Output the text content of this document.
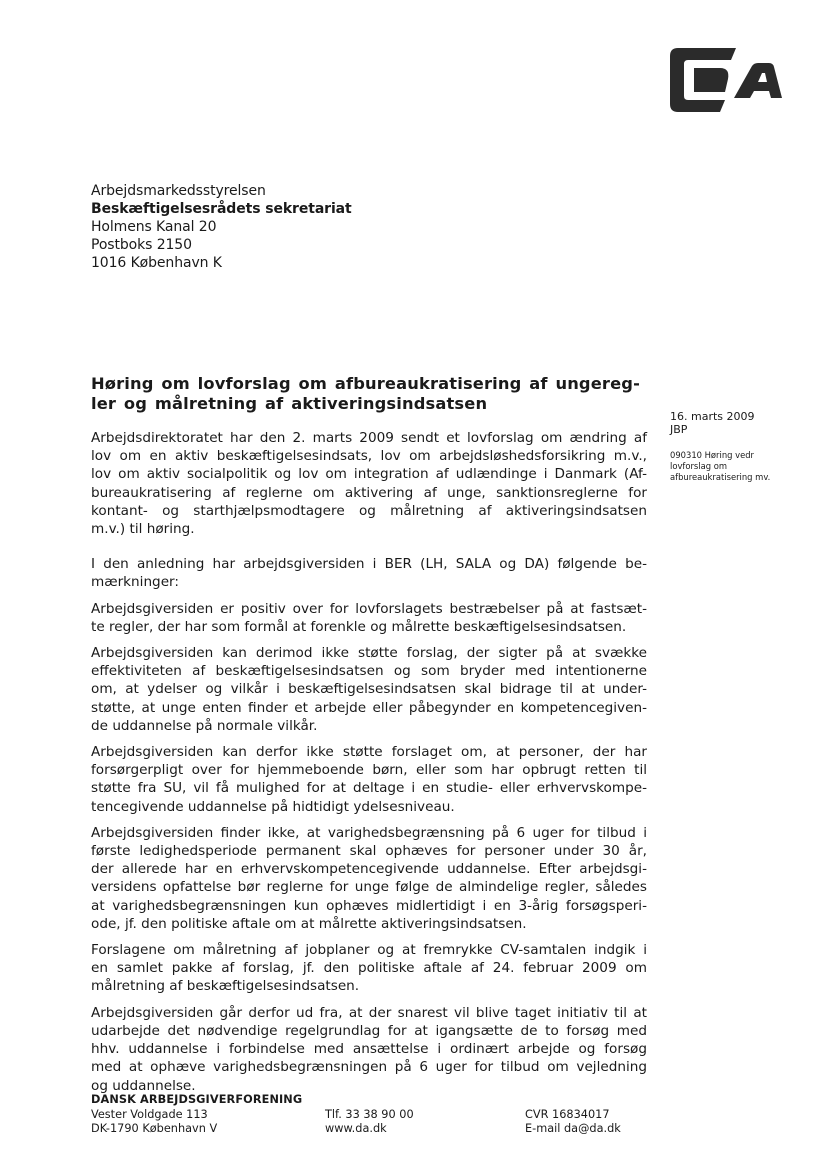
Arbejdsmarkedsstyrelsen
Beskæftigelsesrådets sekretariat
Holmens Kanal 20
Postboks 2150
1016 København K
Høring om lovforslag om afbureaukratisering af ungereg-
ler og målretning af aktiveringsindsatsen
16. marts 2009
JBP
090310 Høring vedr
lovforslag om
afbureaukratisering mv.
Arbejdsdirektoratet har den 2. marts 2009 sendt et lovforslag om ændring af
lov om en aktiv beskæftigelsesindsats, lov om arbejdsløshedsforsikring m.v.,
lov om aktiv socialpolitik og lov om integration af udlændinge i Danmark (Af-
bureaukratisering af reglerne om aktivering af unge, sanktionsreglerne for
kontant- og starthjælpsmodtagere og målretning af aktiveringsindsatsen
m.v.) til høring.
I den anledning har arbejdsgiversiden i BER (LH, SALA og DA) følgende be-
mærkninger:
Arbejdsgiversiden er positiv over for lovforslagets bestræbelser på at fastsæt-
te regler, der har som formål at forenkle og målrette beskæftigelsesindsatsen.
Arbejdsgiversiden kan derimod ikke støtte forslag, der sigter på at svække
effektiviteten af beskæftigelsesindsatsen og som bryder med intentionerne
om, at ydelser og vilkår i beskæftigelsesindsatsen skal bidrage til at under-
støtte, at unge enten finder et arbejde eller påbegynder en kompetencegiven-
de uddannelse på normale vilkår.
Arbejdsgiversiden kan derfor ikke støtte forslaget om, at personer, der har
forsørgerpligt over for hjemmeboende børn, eller som har opbrugt retten til
støtte fra SU, vil få mulighed for at deltage i en studie- eller erhvervskompe-
tencegivende uddannelse på hidtidigt ydelsesniveau.
Arbejdsgiversiden finder ikke, at varighedsbegrænsning på 6 uger for tilbud i
første ledighedsperiode permanent skal ophæves for personer under 30 år,
der allerede har en erhvervskompetencegivende uddannelse. Efter arbejdsgi-
versidens opfattelse bør reglerne for unge følge de almindelige regler, således
at varighedsbegrænsningen kun ophæves midlertidigt i en 3-årig forsøgsperi-
ode, jf. den politiske aftale om at målrette aktiveringsindsatsen.
Forslagene om målretning af jobplaner og at fremrykke CV-samtalen indgik i
en samlet pakke af forslag, jf. den politiske aftale af 24. februar 2009 om
målretning af beskæftigelsesindsatsen.
Arbejdsgiversiden går derfor ud fra, at der snarest vil blive taget initiativ til at
udarbejde det nødvendige regelgrundlag for at igangsætte de to forsøg med
hhv. uddannelse i forbindelse med ansættelse i ordinært arbejde og forsøg
med at ophæve varighedsbegrænsningen på 6 uger for tilbud om vejledning
og uddannelse.
DANSK ARBEJDSGIVERFORENING
Vester Voldgade 113
DK-1790 København V
Tlf. 33 38 90 00
www.da.dk
CVR 16834017
E-mail da@da.dk
